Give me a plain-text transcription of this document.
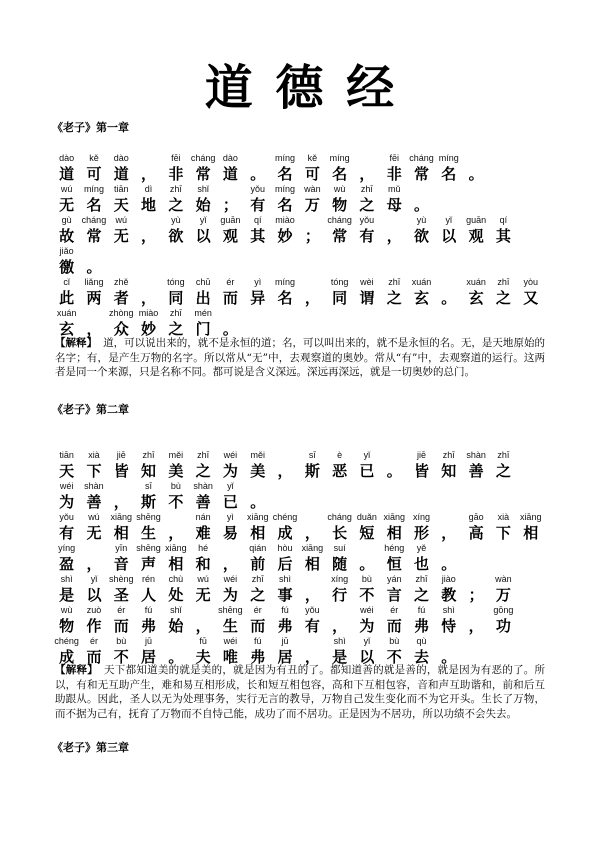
道 德 经
《老子》第一章
dào
道
kě
可
dào
道 ，
fēi
非
cháng
常
dào
道 。
míng
名
kě
可
míng
名 ，
fēi
非
cháng
常
míng
名 。
wú
无
míng
名
tiān
天
dì
地
zhī
之
shǐ
始 ；
yǒu
有
míng
名
wàn
万
wù
物
zhī
之
mǔ
母 。
gù
故
cháng
常
wú
无 ，
yù
欲
yǐ
以
guān
观
qí
其
miào
妙 ；
cháng
常
yǒu
有 ，
yù
欲
yǐ
以
guān
观
qí
其
jiǎo
徼 。
cǐ
此
liǎng
两
zhě
者 ，
tóng
同
chū
出
ér
而
yì
异
míng
名 ，
tóng
同
wèi
谓
zhī
之
xuán
玄 。
xuán
玄
zhī
之
yòu
又
xuán
玄 ，
zhòng
众
miào
妙
zhī
之
mén
门 。
【解释】 道，可以说出来的，就不是永恒的道；名，可以叫出来的，就不是永恒的名。无，是天地原始的名字；有，是产生万物的名字。所以常从“无”中，去观察道的奥妙。常从“有”中，去观察道的运行。这两者是同一个来源，只是名称不同。都可说是含义深远。深远再深远，就是一切奥妙的总门。
《老子》第二章
tiān
天
xià
下
jiē
皆
zhī
知
měi
美
zhī
之
wéi
为
měi
美 ，
sī
斯
è
恶
yǐ
已 。
jiē
皆
zhī
知
shàn
善
zhī
之
wéi
为
shàn
善 ，
sī
斯
bù
不
shàn
善
yǐ
已 。
yǒu
有
wú
无
xiāng
相
shēng
生 ，
nán
难
yì
易
xiāng
相
chéng
成 ，
cháng
长
duǎn
短
xiāng
相
xíng
形 ，
gāo
高
xià
下
xiāng
相
yíng
盈 ，
yīn
音
shēng
声
xiāng
相
hé
和 ，
qián
前
hòu
后
xiāng
相
suí
随 。
héng
恒
yě
也 。
shì
是
yǐ
以
shèng
圣
rén
人
chù
处
wú
无
wéi
为
zhī
之
shì
事 ，
xíng
行
bù
不
yán
言
zhī
之
jiào
教 ；
wàn
万
wù
物
zuò
作
ér
而
fú
弗
shǐ
始 ，
shēng
生
ér
而
fú
弗
yǒu
有 ，
wéi
为
ér
而
fú
弗
shì
恃 ，
gōng
功
chéng
成
ér
而
bù
不
jū
居 。
fū
夫
wéi
唯
fú
弗
jū
居 ，
shì
是
yǐ
以
bù
不
qù
去 。
【解释】 天下都知道美的就是美的，就是因为有丑的了。都知道善的就是善的，就是因为有恶的了。所以，有和无互助产生，难和易互相形成，长和短互相包容，高和下互相包容，音和声互助谐和，前和后互助跟从。因此，圣人以无为处理事务，实行无言的教导，万物自己发生变化而不为它开头。生长了万物，而不据为己有，抚育了万物而不自恃己能，成功了而不居功。正是因为不居功，所以功绩不会失去。
《老子》第三章
